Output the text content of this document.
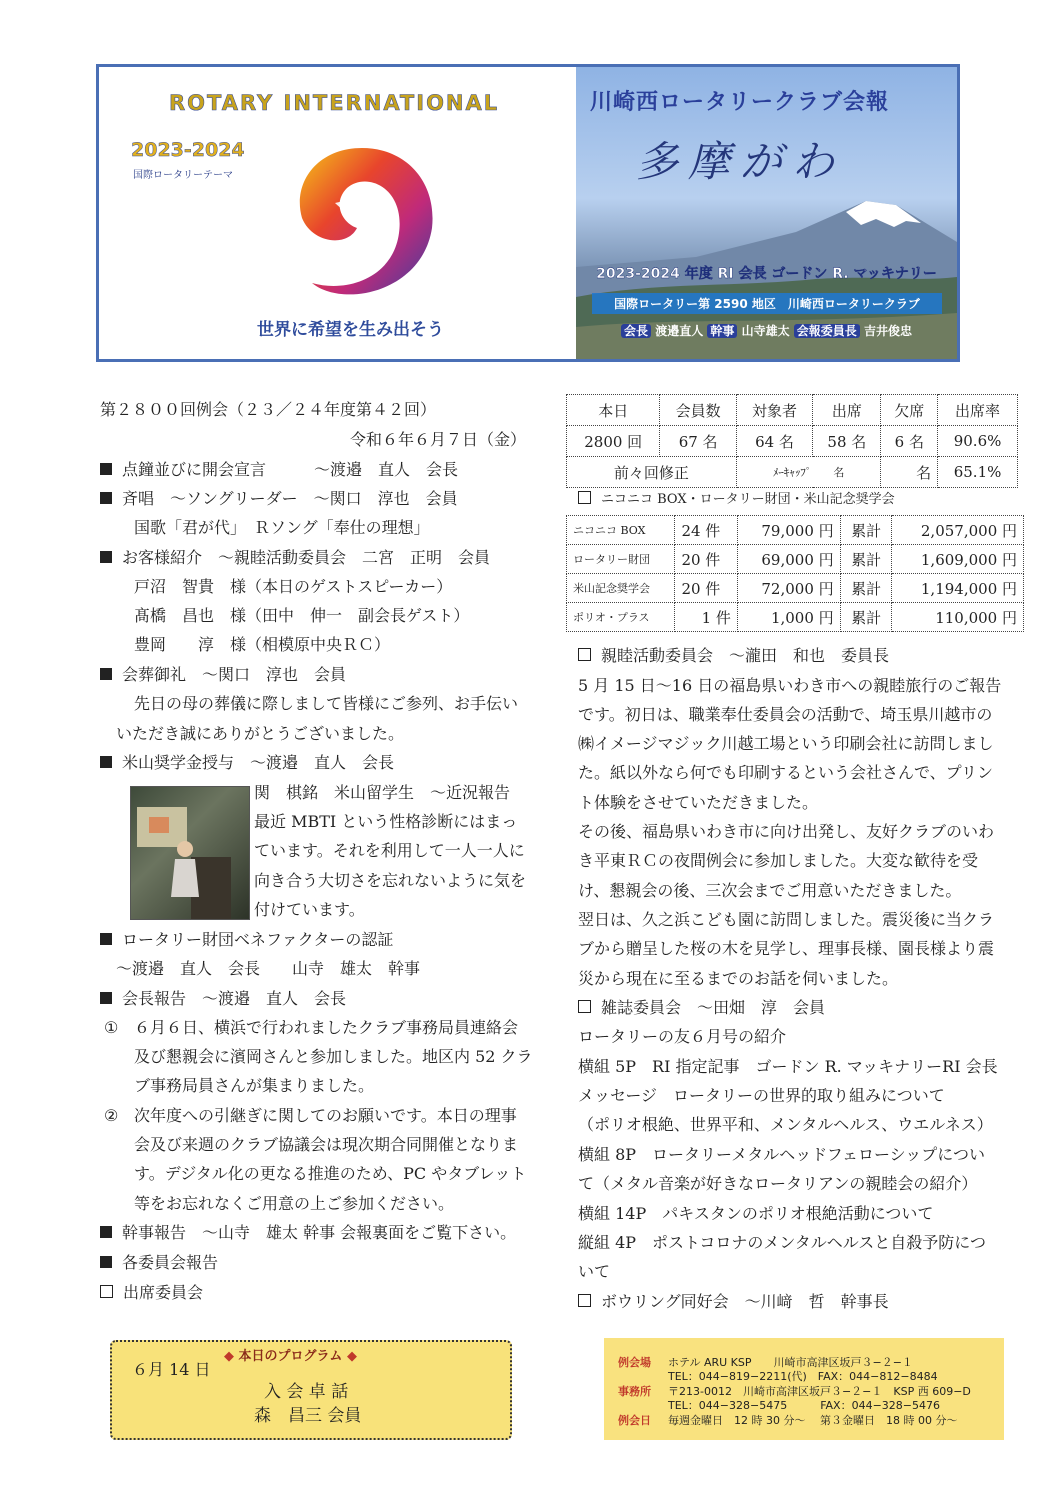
ROTARY INTERNATIONAL
2023-2024
国際ロータリーテーマ
世界に希望を生み出そう
川崎西ロータリークラブ会報
多摩がわ
2023-2024 年度 RI 会長 ゴードン R. マッキナリー
国際ロータリー第 2590 地区　川崎西ロータリークラブ
会長 渡邉直人 幹事 山寺雄太 会報委員長 吉井俊忠
第２８００回例会（２３／２４年度第４２回）
令和６年６月７日（金）
点鐘並びに開会宣言　　　～渡邉　直人　会長
斉唱　～ソングリーダー　～関口　淳也　会員
国歌「君が代」　Ｒソング「奉仕の理想」
お客様紹介　～親睦活動委員会　二宮　正明　会員
戸沼　智貴　様（本日のゲストスピーカー）
髙橋　昌也　様（田中　伸一　副会長ゲスト）
豊岡　　淳　様（相模原中央ＲＣ）
会葬御礼　～関口　淳也　会員
先日の母の葬儀に際しまして皆様にご参列、お手伝い
いただき誠にありがとうございました。
米山奨学金授与　～渡邉　直人　会長
関　棋銘　米山留学生　～近況報告
最近 MBTI という性格診断にはまっ
ています。それを利用して一人一人に
向き合う大切さを忘れないように気を
付けています。
ロータリー財団ベネファクターの認証
～渡邉　直人　会長　　山寺　雄太　幹事
会長報告　～渡邉　直人　会長
① ６月６日、横浜で行われましたクラブ事務局員連絡会
及び懇親会に濱岡さんと参加しました。地区内 52 クラ
ブ事務局員さんが集まりました。
② 次年度への引継ぎに関してのお願いです。本日の理事
会及び来週のクラブ協議会は現次期合同開催となりま
す。デジタル化の更なる推進のため、PC やタブレット
等をお忘れなくご用意の上ご参加ください。
幹事報告　～山寺　雄太 幹事 会報裏面をご覧下さい。
各委員会報告
出席委員会
本日	会員数	対象者	出席	欠席	出席率
2800 回	67 名	64 名	58 名	6 名	90.6%
前々回修正		ﾒｰｷｬｯﾌﾟ　　名		名	65.1%
ニコニコ BOX・ロータリー財団・米山記念奨学会
ニコニコ BOX	24 件	79,000 円	累計	2,057,000 円
ロータリー財団	20 件	69,000 円	累計	1,609,000 円
米山記念奨学会	20 件	72,000 円	累計	1,194,000 円
ポリオ・プラス	1 件	1,000 円	累計	110,000 円
親睦活動委員会　～瀧田　和也　委員長
5 月 15 日～16 日の福島県いわき市への親睦旅行のご報告
です。初日は、職業奉仕委員会の活動で、埼玉県川越市の
㈱イメージマジック川越工場という印刷会社に訪問しまし
た。紙以外なら何でも印刷するという会社さんで、プリン
ト体験をさせていただきました。
その後、福島県いわき市に向け出発し、友好クラブのいわ
き平東ＲＣの夜間例会に参加しました。大変な歓待を受
け、懇親会の後、三次会までご用意いただきました。
翌日は、久之浜こども園に訪問しました。震災後に当クラ
ブから贈呈した桜の木を見学し、理事長様、園長様より震
災から現在に至るまでのお話を伺いました。
雑誌委員会　～田畑　淳　会員
ロータリーの友６月号の紹介
横組 5P　RI 指定記事　ゴードン R. マッキナリーRI 会長
メッセージ　ロータリーの世界的取り組みについて
（ポリオ根絶、世界平和、メンタルヘルス、ウエルネス）
横組 8P　ロータリーメタルヘッドフェローシップについ
て（メタル音楽が好きなロータリアンの親睦会の紹介）
横組 14P　パキスタンのポリオ根絶活動について
縦組 4P　ポストコロナのメンタルヘルスと自殺予防につ
いて
ボウリング同好会　～川﨑　哲　幹事長
６月 14 日
◆ 本日のプログラム ◆
入 会 卓 話
森　昌三 会員
例会場 ホテル ARU KSP　　川崎市高津区坂戸３−２−１
TEL：044−819−2211(代)　FAX：044−812−8484
事務所 〒213-0012　川崎市高津区坂戸３−２−１　KSP 西 609−D
TEL：044−328−5475　　　FAX：044−328−5476
例会日 毎週金曜日　12 時 30 分～　 第３金曜日　18 時 00 分～
